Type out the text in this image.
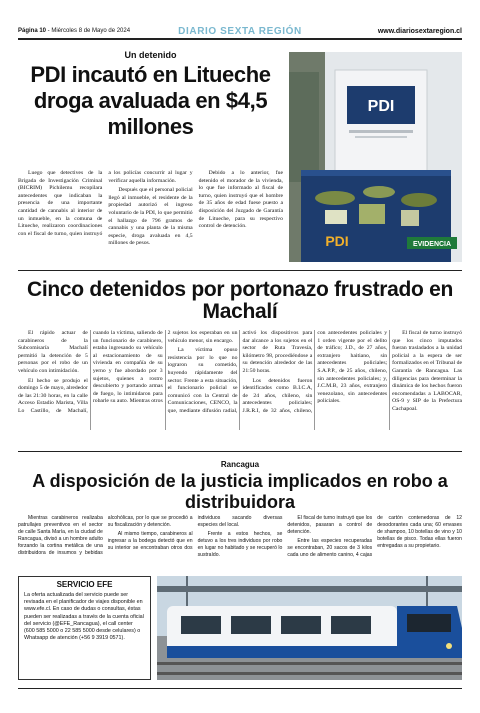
Página 10 - Miércoles 8 de Mayo de 2024	DIARIO SEXTA REGIÓN	www.diariosextaregion.cl
Un detenido
PDI incautó en Litueche droga avaluada en $4,5 millones
PDI
PDI	EVIDENCIA

Luego que detectives de la Brigada de Investigación Criminal (BICRIM) Pichilemu recopilara antecedentes que indicaban la presencia de una importante cantidad de cannabis al interior de un inmueble, en la comuna de Litueche, realizaron coordinaciones con el fiscal de turno, quien instruyó a los policías concurrir al lugar y verificar aquella información.

Después que el personal policial llegó al inmueble, el residente de la propiedad autorizó el ingreso voluntario de la PDI, lo que permitió el hallazgo de 796 gramos de cannabis y una planta de la misma especie, droga avaluada en 4,5 millones de pesos.

Debido a lo anterior, fue detenido el morador de la vivienda, lo que fue informado al fiscal de turno, quien instruyó que el hombre de 35 años de edad fuese puesto a disposición del Juzgado de Garantía de Litueche, para su respectivo control de detención.

Cinco detenidos por portonazo frustrado en Machalí

El rápido actuar de carabineros de la Subcomisaría Machalí permitió la detención de 5 personas por el robo de un vehículo con intimidación.

El hecho se produjo el domingo 5 de mayo, alrededor de las 21:30 horas, en la calle Acceso Estadio Marista, Villa Lo Castillo, de Machalí, cuando la víctima, saliendo de un funcionario de carabinero, estaba ingresando su vehículo al estacionamiento de su vivienda en compañía de su yerno y fue abordado por 3 sujetos, quienes a rostro descubierto y portando armas de fuego, lo intimidaron para robarle su auto. Mientras otros 2 sujetos los esperaban en un vehículo menor, sin encargo.

La víctima opuso resistencia por lo que no lograron su cometido, huyendo rápidamente del sector. Frente a esta situación, el funcionario policial se comunicó con la Central de Comunicaciones, CENCO, la que, mediante difusión radial, activó los dispositivos para dar alcance a los sujetos en el sector de Ruta Travesía, kilómetro 98, procediéndose a su detención alrededor de las 21:50 horas.

Los detenidos fueron identificados como B.I.C.A, de 24 años, chileno, sin antecedentes policiales; J.R.R.I, de 32 años, chileno, con antecedentes policiales y 1 orden vigente por el delito de tráfico; J.D., de 27 años, extranjero haitiano, sin antecedentes policiales; S.A.P.P., de 25 años, chileno, sin antecedentes policiales; y, J.C.M.B, 23 años, extranjero venezolano, sin antecedentes policiales.

El fiscal de turno instruyó que los cinco imputados fueran trasladados a la unidad policial a la espera de ser formalizados en el Tribunal de Garantía de Rancagua. Las diligencias para determinar la dinámica de los hechos fueron encomendadas a LABOCAR, OS-9 y SIP de la Prefectura Cachapoal.

Rancagua
A disposición de la justicia implicados en robo a distribuidora

Mientras carabineros realizaba patrullajes preventivos en el sector de calle Santa María, en la ciudad de Rancagua, divisó a un hombre adulto forzando la cortina metálica de una distribuidora de insumos y bebidas alcohólicas, por lo que se procedió a su fiscalización y detención.

Al mismo tiempo, carabineros al ingresar a la bodega detectó que en su interior se encontraban otros dos individuos sacando diversas especies del local.

Frente a estos hechos, se detuvo a los tres individuos por robo en lugar no habitado y se recuperó lo sustraído.

El fiscal de turno instruyó que los detenidos, pasaran a control de detención.

Entre las especies recuperadas se encontraban, 20 sacos de 3 kilos cada uno de alimento canino, 4 cajas de cartón contenedoras de 12 desodorantes cada una; 60 envases de shampoo, 10 botellas de vino y 10 botellas de pisco. Todas ellas fueron entregadas a su propietario.

SERVICIO EFE
La oferta actualizada del servicio puede ser revisada en el planificador de viajes disponible en www.efe.cl. En caso de dudas o consultas, éstas pueden ser realizadas a través de la cuenta oficial del servicio (@EFE_Rancagua), el call center (600 585 5000 o 22 585 5000 desde celulares) o Whatsapp de atención (+56 9 3919 0571).
